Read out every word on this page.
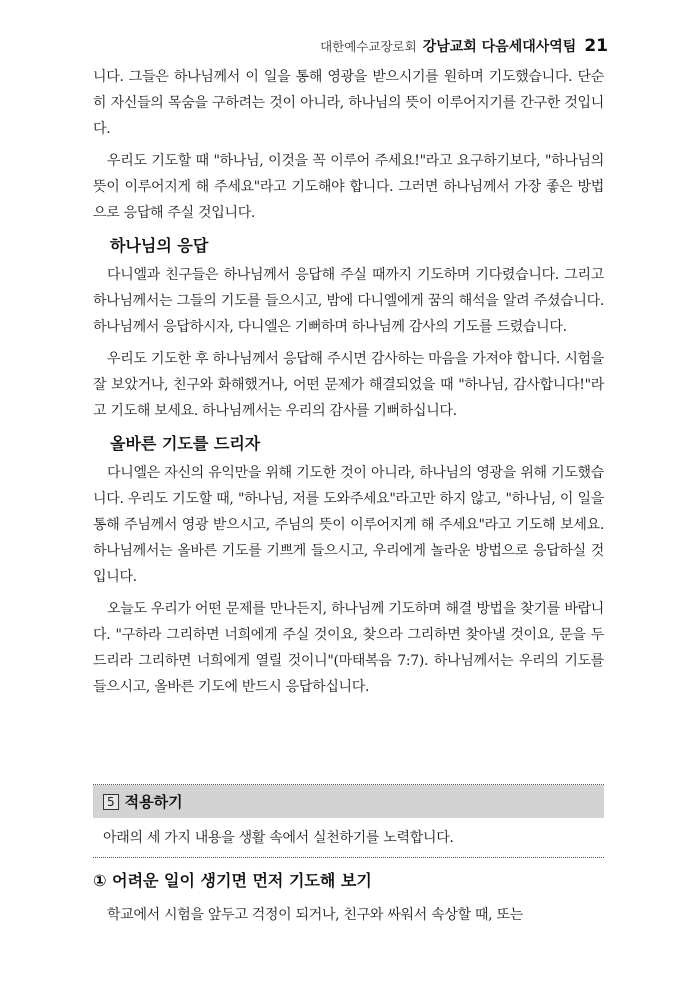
대한예수교장로회 강남교회 다음세대사역팀 21

니다. 그들은 하나님께서 이 일을 통해 영광을 받으시기를 원하며 기도했습니다. 단순히 자신들의 목숨을 구하려는 것이 아니라, 하나님의 뜻이 이루어지기를 간구한 것입니다.

우리도 기도할 때 "하나님, 이것을 꼭 이루어 주세요!"라고 요구하기보다, "하나님의 뜻이 이루어지게 해 주세요"라고 기도해야 합니다. 그러면 하나님께서 가장 좋은 방법으로 응답해 주실 것입니다.

하나님의 응답

다니엘과 친구들은 하나님께서 응답해 주실 때까지 기도하며 기다렸습니다. 그리고 하나님께서는 그들의 기도를 들으시고, 밤에 다니엘에게 꿈의 해석을 알려 주셨습니다. 하나님께서 응답하시자, 다니엘은 기뻐하며 하나님께 감사의 기도를 드렸습니다.

우리도 기도한 후 하나님께서 응답해 주시면 감사하는 마음을 가져야 합니다. 시험을 잘 보았거나, 친구와 화해했거나, 어떤 문제가 해결되었을 때 "하나님, 감사합니다!"라고 기도해 보세요. 하나님께서는 우리의 감사를 기뻐하십니다.

올바른 기도를 드리자

다니엘은 자신의 유익만을 위해 기도한 것이 아니라, 하나님의 영광을 위해 기도했습니다. 우리도 기도할 때, "하나님, 저를 도와주세요"라고만 하지 않고, "하나님, 이 일을 통해 주님께서 영광 받으시고, 주님의 뜻이 이루어지게 해 주세요"라고 기도해 보세요. 하나님께서는 올바른 기도를 기쁘게 들으시고, 우리에게 놀라운 방법으로 응답하실 것입니다.

오늘도 우리가 어떤 문제를 만나든지, 하나님께 기도하며 해결 방법을 찾기를 바랍니다. "구하라 그리하면 너희에게 주실 것이요, 찾으라 그리하면 찾아낼 것이요, 문을 두드리라 그리하면 너희에게 열릴 것이니"(마태복음 7:7). 하나님께서는 우리의 기도를 들으시고, 올바른 기도에 반드시 응답하십니다.

5 적용하기
아래의 세 가지 내용을 생활 속에서 실천하기를 노력합니다.
① 어려운 일이 생기면 먼저 기도해 보기

학교에서 시험을 앞두고 걱정이 되거나, 친구와 싸워서 속상할 때, 또는
